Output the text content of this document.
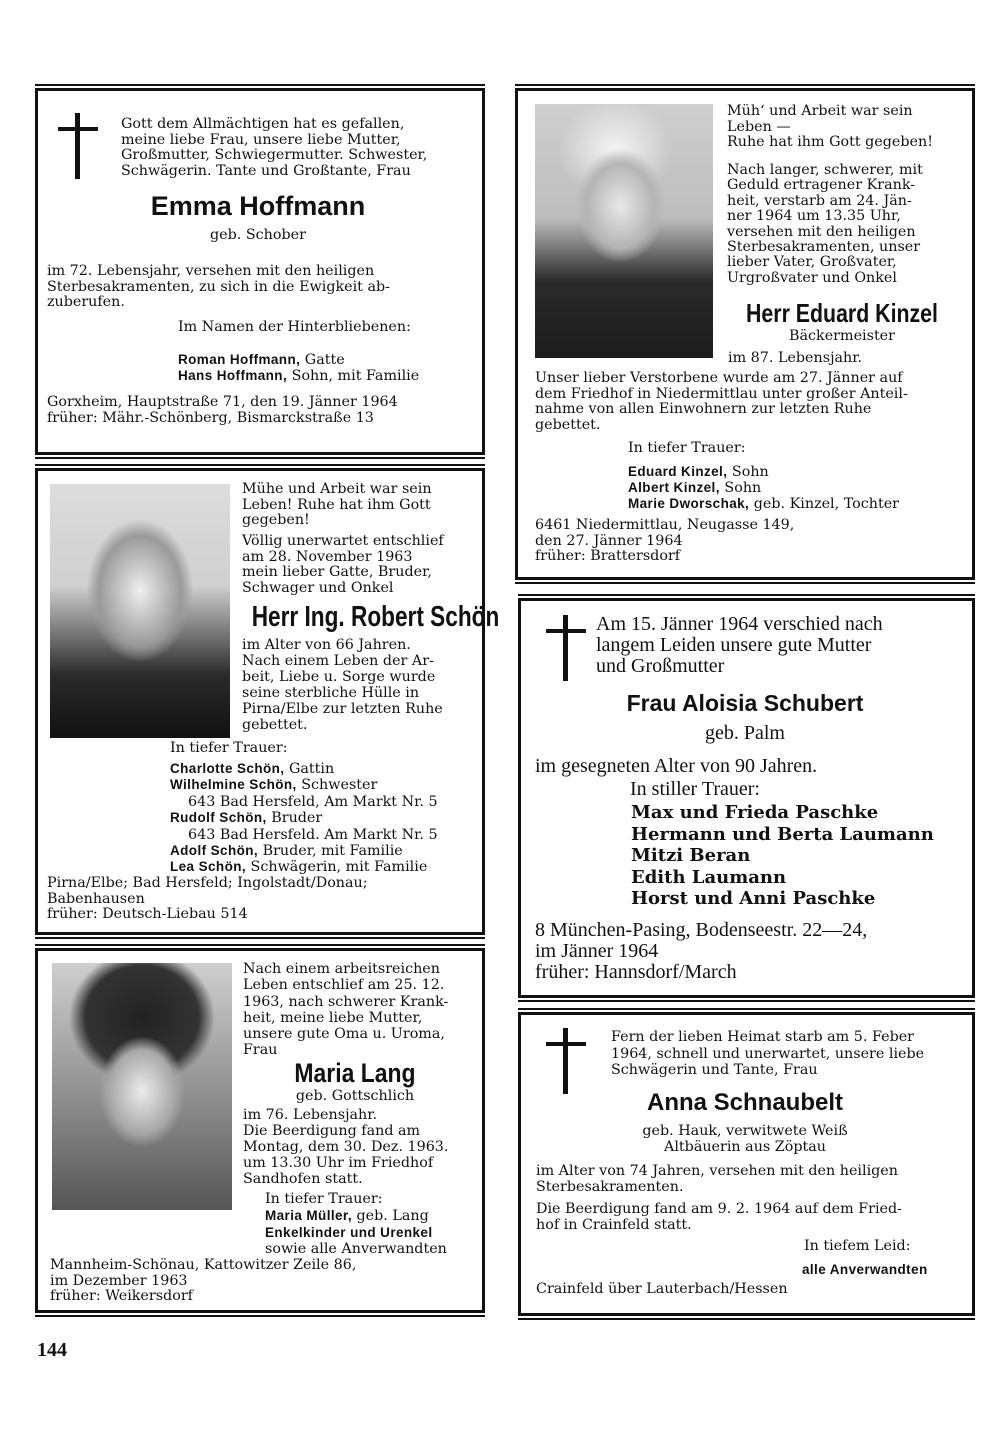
Gott dem Allmächtigen hat es gefallen,
meine liebe Frau, unsere liebe Mutter,
Großmutter, Schwiegermutter. Schwester,
Schwägerin. Tante und Großtante, Frau
Emma Hoffmann
geb. Schober
im 72. Lebensjahr, versehen mit den heiligen
Sterbesakramenten, zu sich in die Ewigkeit ab-
zuberufen.
Im Namen der Hinterbliebenen:
Roman Hoffmann, Gatte
Hans Hoffmann, Sohn, mit Familie
Gorxheim, Hauptstraße 71, den 19. Jänner 1964
früher: Mähr.-Schönberg, Bismarckstraße 13
Müh‘ und Arbeit war sein
Leben —
Ruhe hat ihm Gott gegeben!
Nach langer, schwerer, mit
Geduld ertragener Krank-
heit, verstarb am 24. Jän-
ner 1964 um 13.35 Uhr,
versehen mit den heiligen
Sterbesakramenten, unser
lieber Vater, Großvater,
Urgroßvater und Onkel
Herr Eduard Kinzel
Bäckermeister
im 87. Lebensjahr.
Unser lieber Verstorbene wurde am 27. Jänner auf
dem Friedhof in Niedermittlau unter großer Anteil-
nahme von allen Einwohnern zur letzten Ruhe
gebettet.
In tiefer Trauer:
Eduard Kinzel, Sohn
Albert Kinzel, Sohn
Marie Dworschak, geb. Kinzel, Tochter
6461 Niedermittlau, Neugasse 149,
den 27. Jänner 1964
früher: Brattersdorf
Mühe und Arbeit war sein
Leben! Ruhe hat ihm Gott
gegeben!
Völlig unerwartet entschlief
am 28. November 1963
mein lieber Gatte, Bruder,
Schwager und Onkel
Herr Ing. Robert Schön
im Alter von 66 Jahren.
Nach einem Leben der Ar-
beit, Liebe u. Sorge wurde
seine sterbliche Hülle in
Pirna/Elbe zur letzten Ruhe
gebettet.
In tiefer Trauer:
Charlotte Schön, Gattin
Wilhelmine Schön, Schwester
643 Bad Hersfeld, Am Markt Nr. 5
Rudolf Schön, Bruder
643 Bad Hersfeld. Am Markt Nr. 5
Adolf Schön, Bruder, mit Familie
Lea Schön, Schwägerin, mit Familie
Pirna/Elbe; Bad Hersfeld; Ingolstadt/Donau;
Babenhausen
früher: Deutsch-Liebau 514
Nach einem arbeitsreichen
Leben entschlief am 25. 12.
1963, nach schwerer Krank-
heit, meine liebe Mutter,
unsere gute Oma u. Uroma,
Frau
Maria Lang
geb. Gottschlich
im 76. Lebensjahr.
Die Beerdigung fand am
Montag, dem 30. Dez. 1963.
um 13.30 Uhr im Friedhof
Sandhofen statt.
In tiefer Trauer:
Maria Müller, geb. Lang
Enkelkinder und Urenkel
sowie alle Anverwandten
Mannheim-Schönau, Kattowitzer Zeile 86,
im Dezember 1963
früher: Weikersdorf
Am 15. Jänner 1964 verschied nach
langem Leiden unsere gute Mutter
und Großmutter
Frau Aloisia Schubert
geb. Palm
im gesegneten Alter von 90 Jahren.
In stiller Trauer:
Max und Frieda Paschke
Hermann und Berta Laumann
Mitzi Beran
Edith Laumann
Horst und Anni Paschke
8 München-Pasing, Bodenseestr. 22—24,
im Jänner 1964
früher: Hannsdorf/March
Fern der lieben Heimat starb am 5. Feber
1964, schnell und unerwartet, unsere liebe
Schwägerin und Tante, Frau
Anna Schnaubelt
geb. Hauk, verwitwete Weiß
Altbäuerin aus Zöptau
im Alter von 74 Jahren, versehen mit den heiligen
Sterbesakramenten.
Die Beerdigung fand am 9. 2. 1964 auf dem Fried-
hof in Crainfeld statt.
In tiefem Leid:
alle Anverwandten
Crainfeld über Lauterbach/Hessen
144
